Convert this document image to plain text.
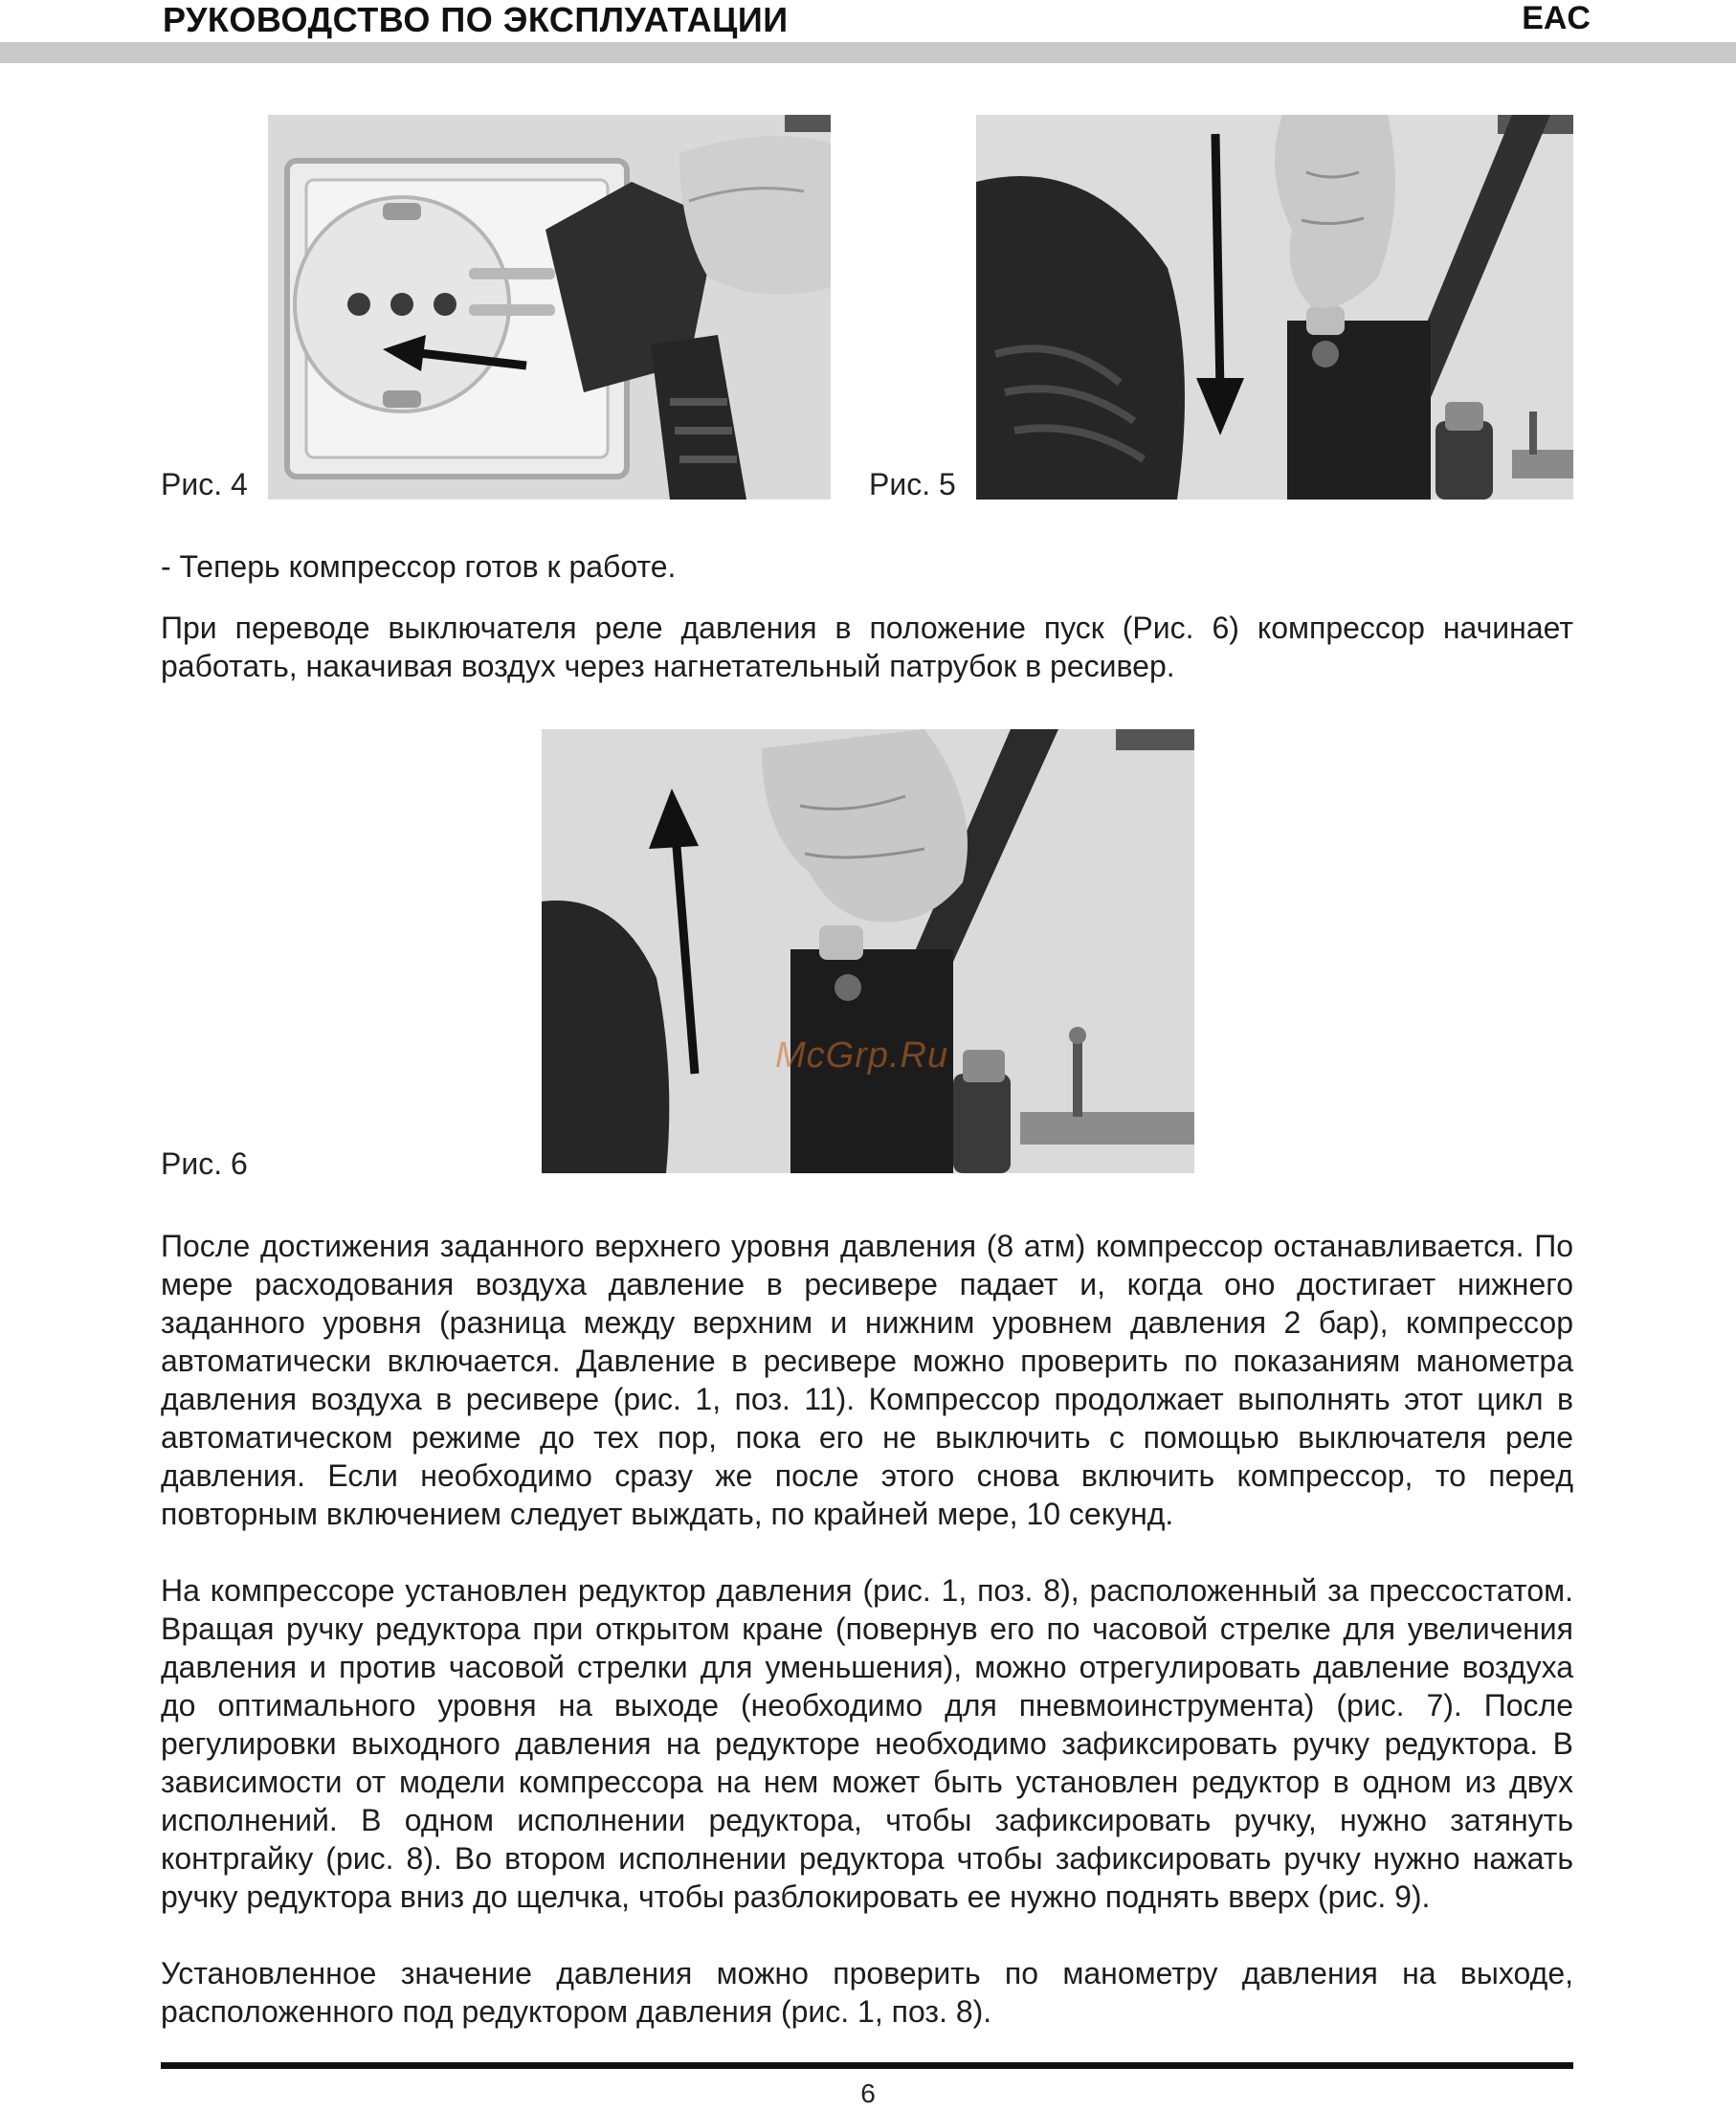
РУКОВОДСТВО ПО ЭКСПЛУАТАЦИИ	EAC
Рис. 4	Рис. 5
- Теперь компрессор готов к работе.
При переводе выключателя реле давления в положение пуск (Рис. 6) компрессор начинает работать, накачивая воздух через нагнетательный патрубок в ресивер.
Рис. 6
McGrp.Ru
После достижения заданного верхнего уровня давления (8 атм) компрессор останавливается. По мере расходования воздуха давление в ресивере падает и, когда оно достигает нижнего заданного уровня (разница между верхним и нижним уровнем давления 2 бар), компрессор автоматически включается. Давление в ресивере можно проверить по показаниям манометра давления воздуха в ресивере (рис. 1, поз. 11). Компрессор продолжает выполнять этот цикл в автоматическом режиме до тех пор, пока его не выключить с помощью выключателя реле давления. Если необходимо сразу же после этого снова включить компрессор, то перед повторным включением следует выждать, по крайней мере, 10 секунд.
На компрессоре установлен редуктор давления (рис. 1, поз. 8), расположенный за прессостатом. Вращая ручку редуктора при открытом кране (повернув его по часовой стрелке для увеличения давления и против часовой стрелки для уменьшения), можно отрегулировать давление воздуха до оптимального уровня на выходе (необходимо для пневмоинструмента) (рис. 7). После регулировки выходного давления на редукторе необходимо зафиксировать ручку редуктора. В зависимости от модели компрессора на нем может быть установлен редуктор в одном из двух исполнений. В одном исполнении редуктора, чтобы зафиксировать ручку, нужно затянуть контргайку (рис. 8). Во втором исполнении редуктора чтобы зафиксировать ручку нужно нажать ручку редуктора вниз до щелчка, чтобы разблокировать ее нужно поднять вверх (рис. 9).
Установленное значение давления можно проверить по манометру давления на выходе, расположенного под редуктором давления (рис. 1, поз. 8).
6
